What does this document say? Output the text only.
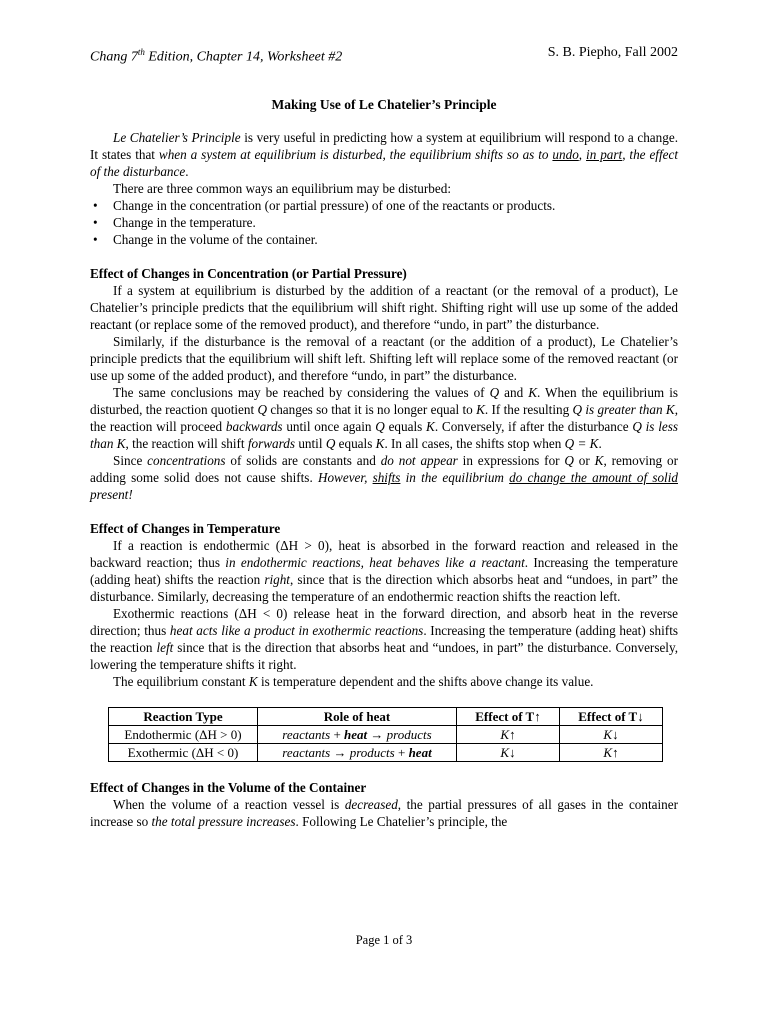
Chang 7th Edition, Chapter 14, Worksheet #2	S. B. Piepho, Fall 2002
Making Use of Le Chatelier’s Principle

Le Chatelier’s Principle is very useful in predicting how a system at equilibrium will respond to a change. It states that when a system at equilibrium is disturbed, the equilibrium shifts so as to undo, in part, the effect of the disturbance.

There are three common ways an equilibrium may be disturbed:

• Change in the concentration (or partial pressure) of one of the reactants or products.
• Change in the temperature.
• Change in the volume of the container.
Effect of Changes in Concentration (or Partial Pressure)

If a system at equilibrium is disturbed by the addition of a reactant (or the removal of a product), Le Chatelier’s principle predicts that the equilibrium will shift right. Shifting right will use up some of the added reactant (or replace some of the removed product), and therefore “undo, in part” the disturbance.

Similarly, if the disturbance is the removal of a reactant (or the addition of a product), Le Chatelier’s principle predicts that the equilibrium will shift left. Shifting left will replace some of the removed reactant (or use up some of the added product), and therefore “undo, in part” the disturbance.

The same conclusions may be reached by considering the values of Q and K. When the equilibrium is disturbed, the reaction quotient Q changes so that it is no longer equal to K. If the resulting Q is greater than K, the reaction will proceed backwards until once again Q equals K. Conversely, if after the disturbance Q is less than K, the reaction will shift forwards until Q equals K. In all cases, the shifts stop when Q = K.

Since concentrations of solids are constants and do not appear in expressions for Q or K, removing or adding some solid does not cause shifts. However, shifts in the equilibrium do change the amount of solid present!

Effect of Changes in Temperature

If a reaction is endothermic (ΔH > 0), heat is absorbed in the forward reaction and released in the backward reaction; thus in endothermic reactions, heat behaves like a reactant. Increasing the temperature (adding heat) shifts the reaction right, since that is the direction which absorbs heat and “undoes, in part” the disturbance. Similarly, decreasing the temperature of an endothermic reaction shifts the reaction left.

Exothermic reactions (ΔH < 0) release heat in the forward direction, and absorb heat in the reverse direction; thus heat acts like a product in exothermic reactions. Increasing the temperature (adding heat) shifts the reaction left since that is the direction that absorbs heat and “undoes, in part” the disturbance. Conversely, lowering the temperature shifts it right.

The equilibrium constant K is temperature dependent and the shifts above change its value.

Reaction Type	Role of heat	Effect of T↑	Effect of T↓
Endothermic (ΔH > 0)	reactants + heat → products	K↑	K↓
Exothermic (ΔH < 0)	reactants → products + heat	K↓	K↑
Effect of Changes in the Volume of the Container

When the volume of a reaction vessel is decreased, the partial pressures of all gases in the container increase so the total pressure increases. Following Le Chatelier’s principle, the

Page 1 of 3
